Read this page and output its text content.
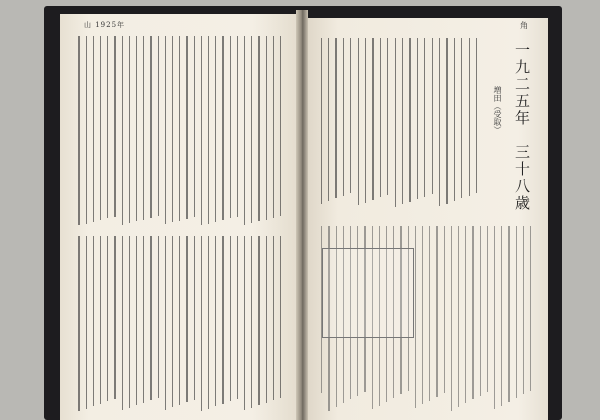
⼭ 1925年	⻆
一九二五年　三十八歳
増田（受取）
